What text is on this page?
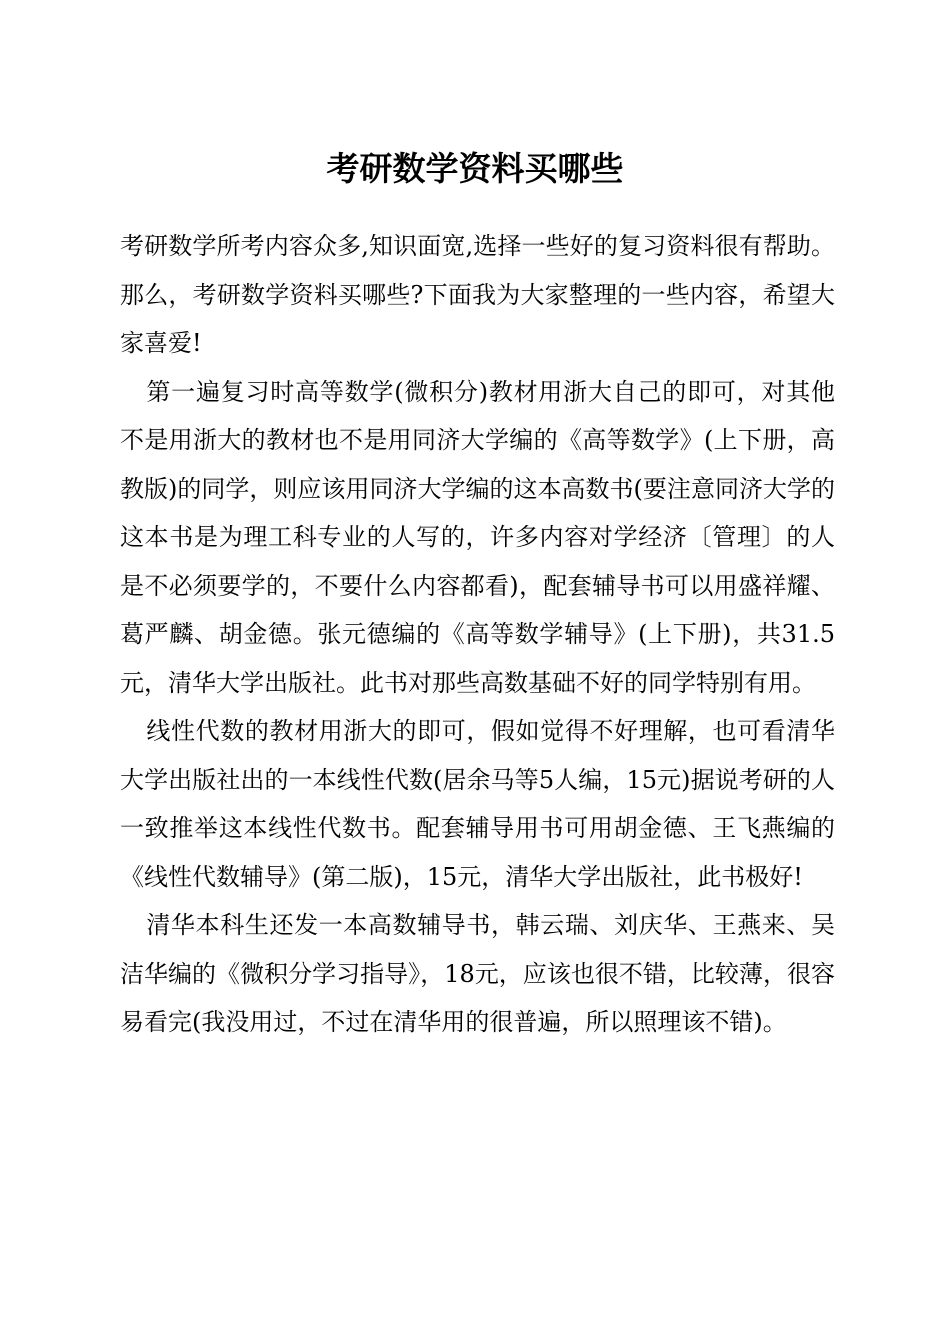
考研数学资料买哪些

考研数学所考内容众多,知识面宽,选择一些好的复习资料很有帮助。那么，考研数学资料买哪些?下面我为大家整理的一些内容，希望大家喜爱!

第一遍复习时高等数学(微积分)教材用浙大自己的即可，对其他不是用浙大的教材也不是用同济大学编的《高等数学》(上下册，高教版)的同学，则应该用同济大学编的这本高数书(要注意同济大学的这本书是为理工科专业的人写的，许多内容对学经济〔管理〕的人是不必须要学的，不要什么内容都看)，配套辅导书可以用盛祥耀、葛严麟、胡金德。张元德编的《高等数学辅导》(上下册)，共31.5元，清华大学出版社。此书对那些高数基础不好的同学特别有用。

线性代数的教材用浙大的即可，假如觉得不好理解，也可看清华大学出版社出的一本线性代数(居余马等5人编，15元)据说考研的人一致推举这本线性代数书。配套辅导用书可用胡金德、王飞燕编的《线性代数辅导》(第二版)，15元，清华大学出版社，此书极好!

清华本科生还发一本高数辅导书，韩云瑞、刘庆华、王燕来、吴洁华编的《微积分学习指导》，18元，应该也很不错，比较薄，很容易看完(我没用过，不过在清华用的很普遍，所以照理该不错)。
